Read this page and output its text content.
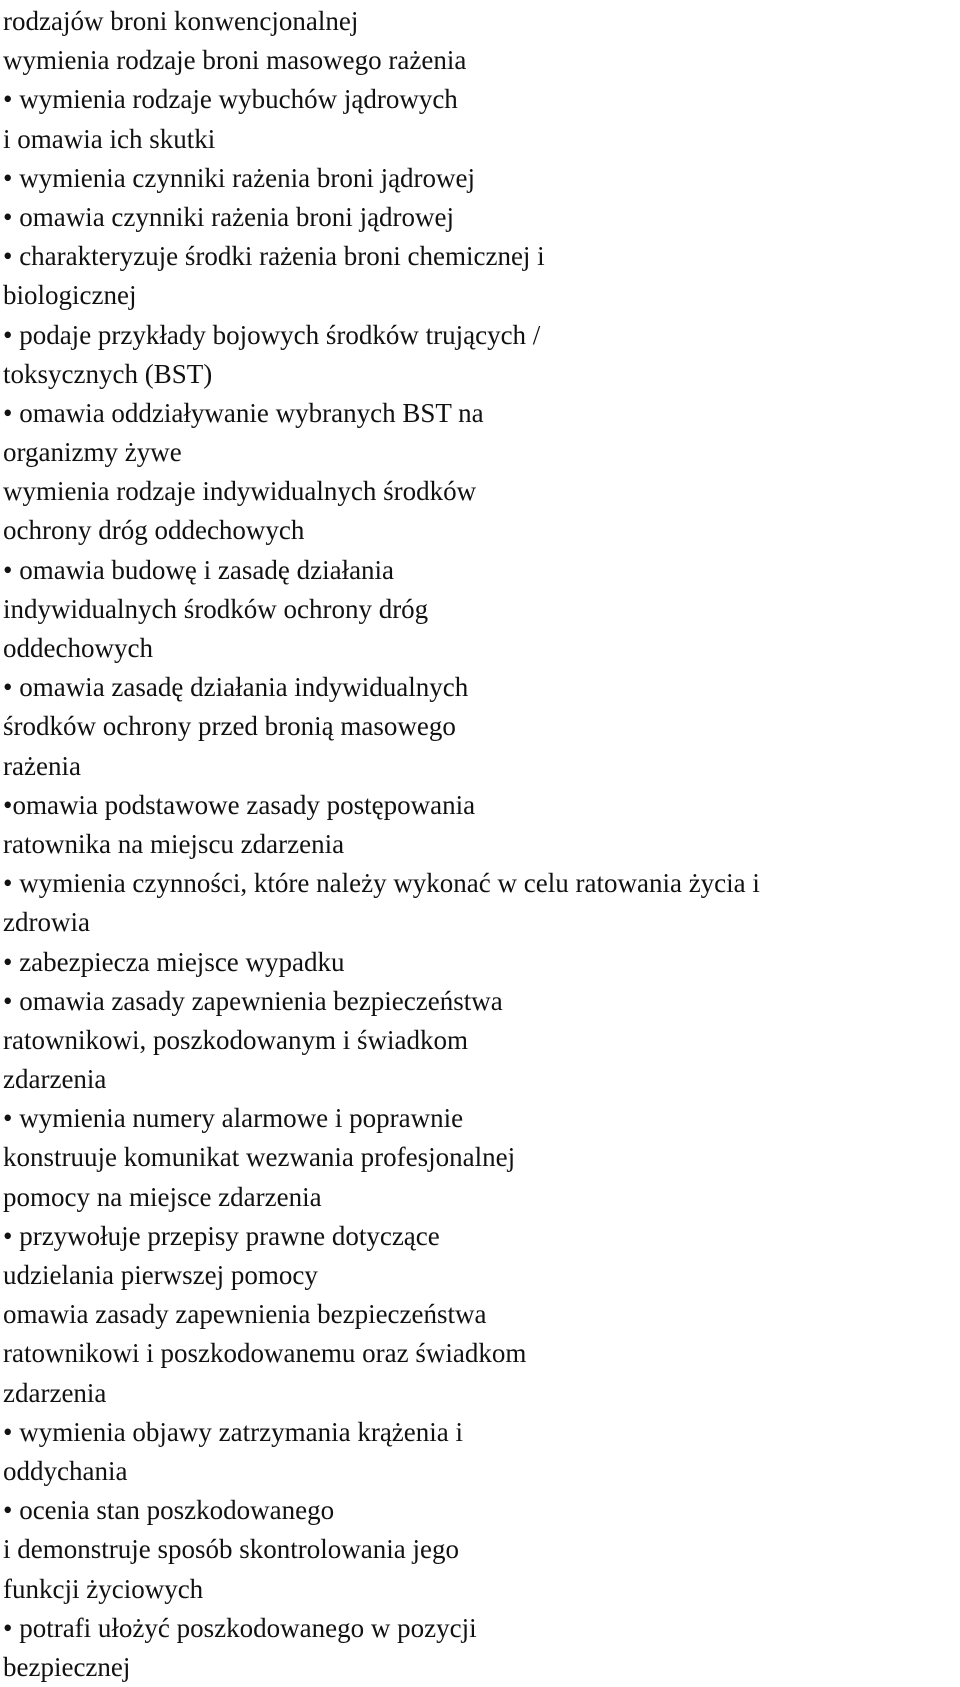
rodzajów broni konwencjonalnej
wymienia rodzaje broni masowego rażenia
• wymienia rodzaje wybuchów jądrowych
i omawia ich skutki
• wymienia czynniki rażenia broni jądrowej
• omawia czynniki rażenia broni jądrowej
• charakteryzuje środki rażenia broni chemicznej i
biologicznej
• podaje przykłady bojowych środków trujących /
toksycznych (BST)
• omawia oddziaływanie wybranych BST na
organizmy żywe
wymienia rodzaje indywidualnych środków
ochrony dróg oddechowych
• omawia budowę i zasadę działania
indywidualnych środków ochrony dróg
oddechowych
• omawia zasadę działania indywidualnych
środków ochrony przed bronią masowego
rażenia
•omawia podstawowe zasady postępowania
ratownika na miejscu zdarzenia
• wymienia czynności, które należy wykonać w celu ratowania życia i
zdrowia
• zabezpiecza miejsce wypadku
• omawia zasady zapewnienia bezpieczeństwa
ratownikowi, poszkodowanym i świadkom
zdarzenia
• wymienia numery alarmowe i poprawnie
konstruuje komunikat wezwania profesjonalnej
pomocy na miejsce zdarzenia
• przywołuje przepisy prawne dotyczące
udzielania pierwszej pomocy
omawia zasady zapewnienia bezpieczeństwa
ratownikowi i poszkodowanemu oraz świadkom
zdarzenia
• wymienia objawy zatrzymania krążenia i
oddychania
• ocenia stan poszkodowanego
i demonstruje sposób skontrolowania jego
funkcji życiowych
• potrafi ułożyć poszkodowanego w pozycji
bezpiecznej
